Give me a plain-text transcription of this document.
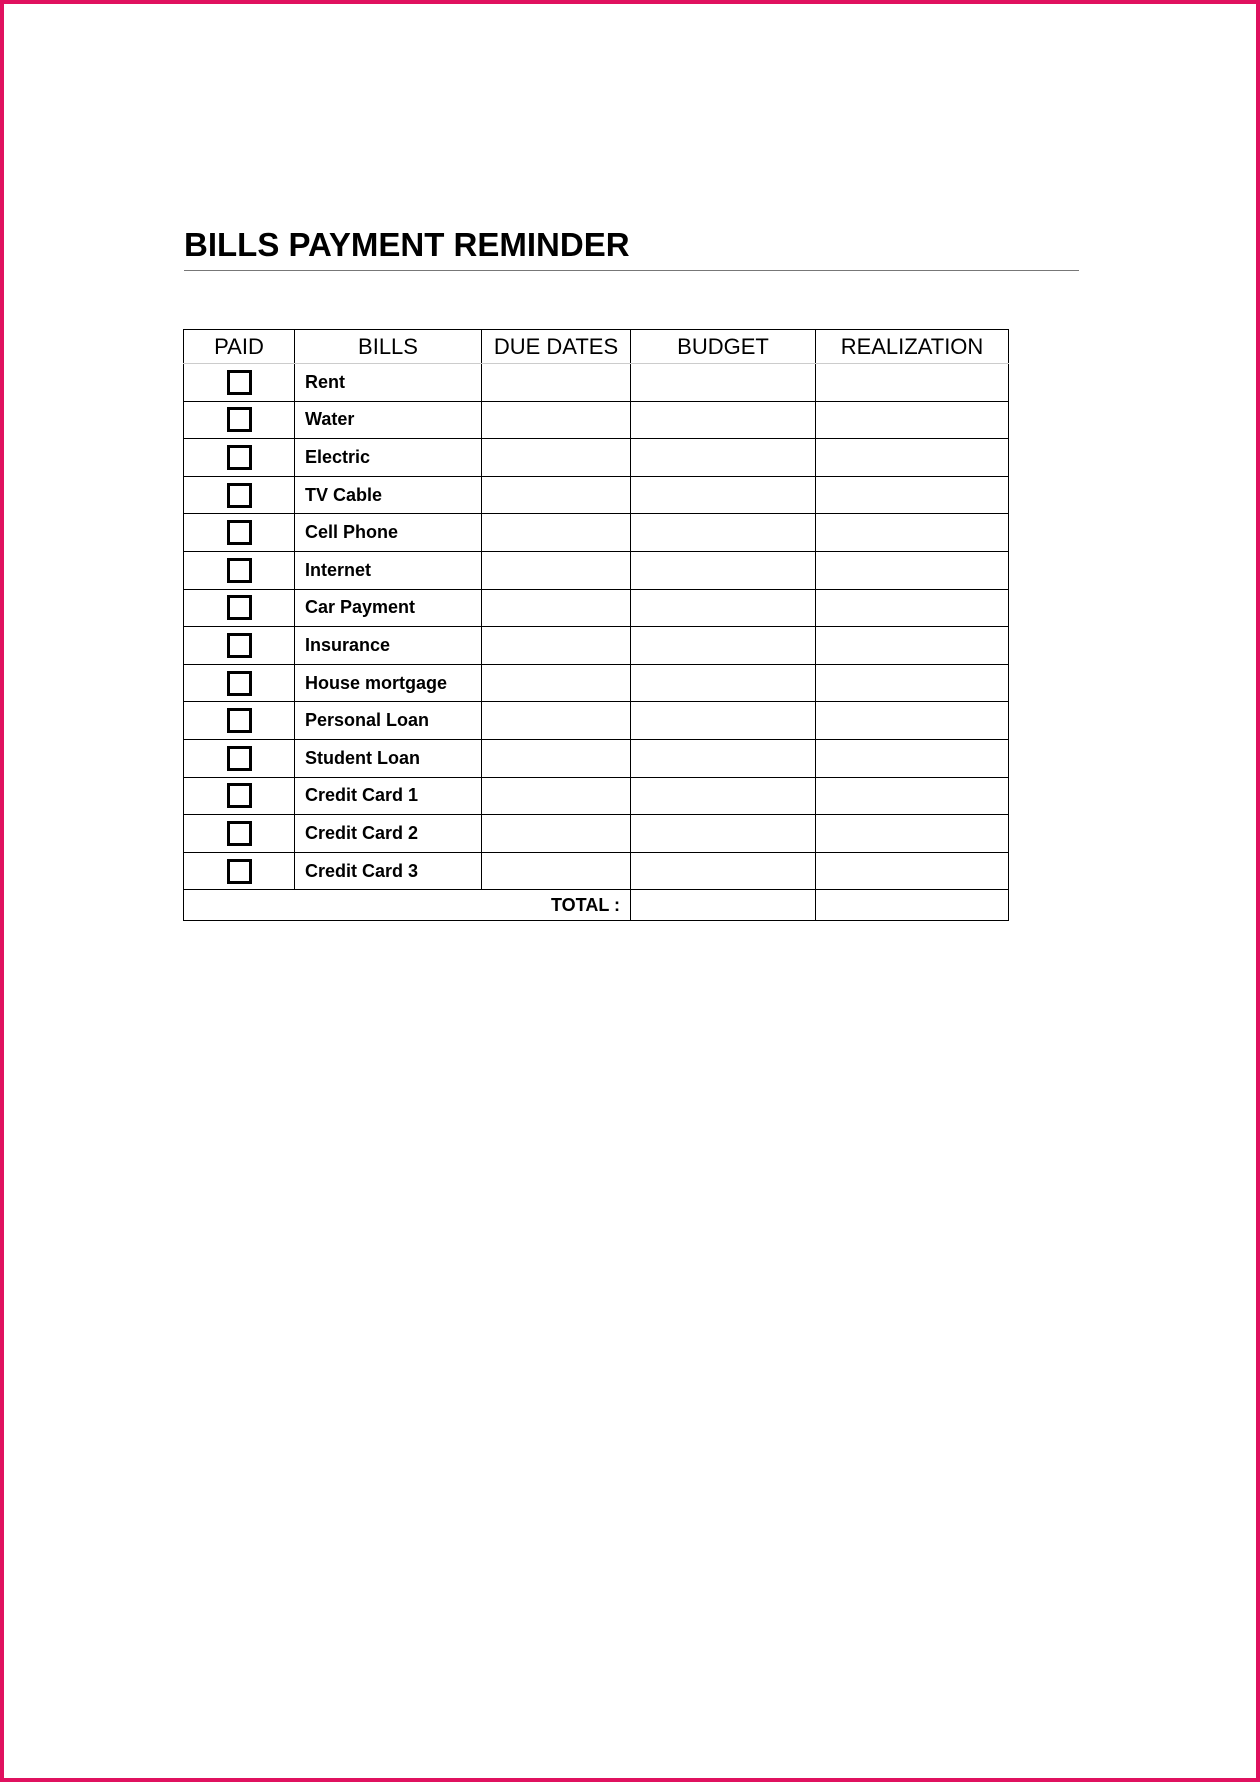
BILLS PAYMENT REMINDER
PAID	BILLS	DUE DATES	BUDGET	REALIZATION
	Rent			
	Water			
	Electric			
	TV Cable			
	Cell Phone			
	Internet			
	Car Payment			
	Insurance			
	House mortgage			
	Personal Loan			
	Student Loan			
	Credit Card 1			
	Credit Card 2			
	Credit Card 3			
TOTAL :				
